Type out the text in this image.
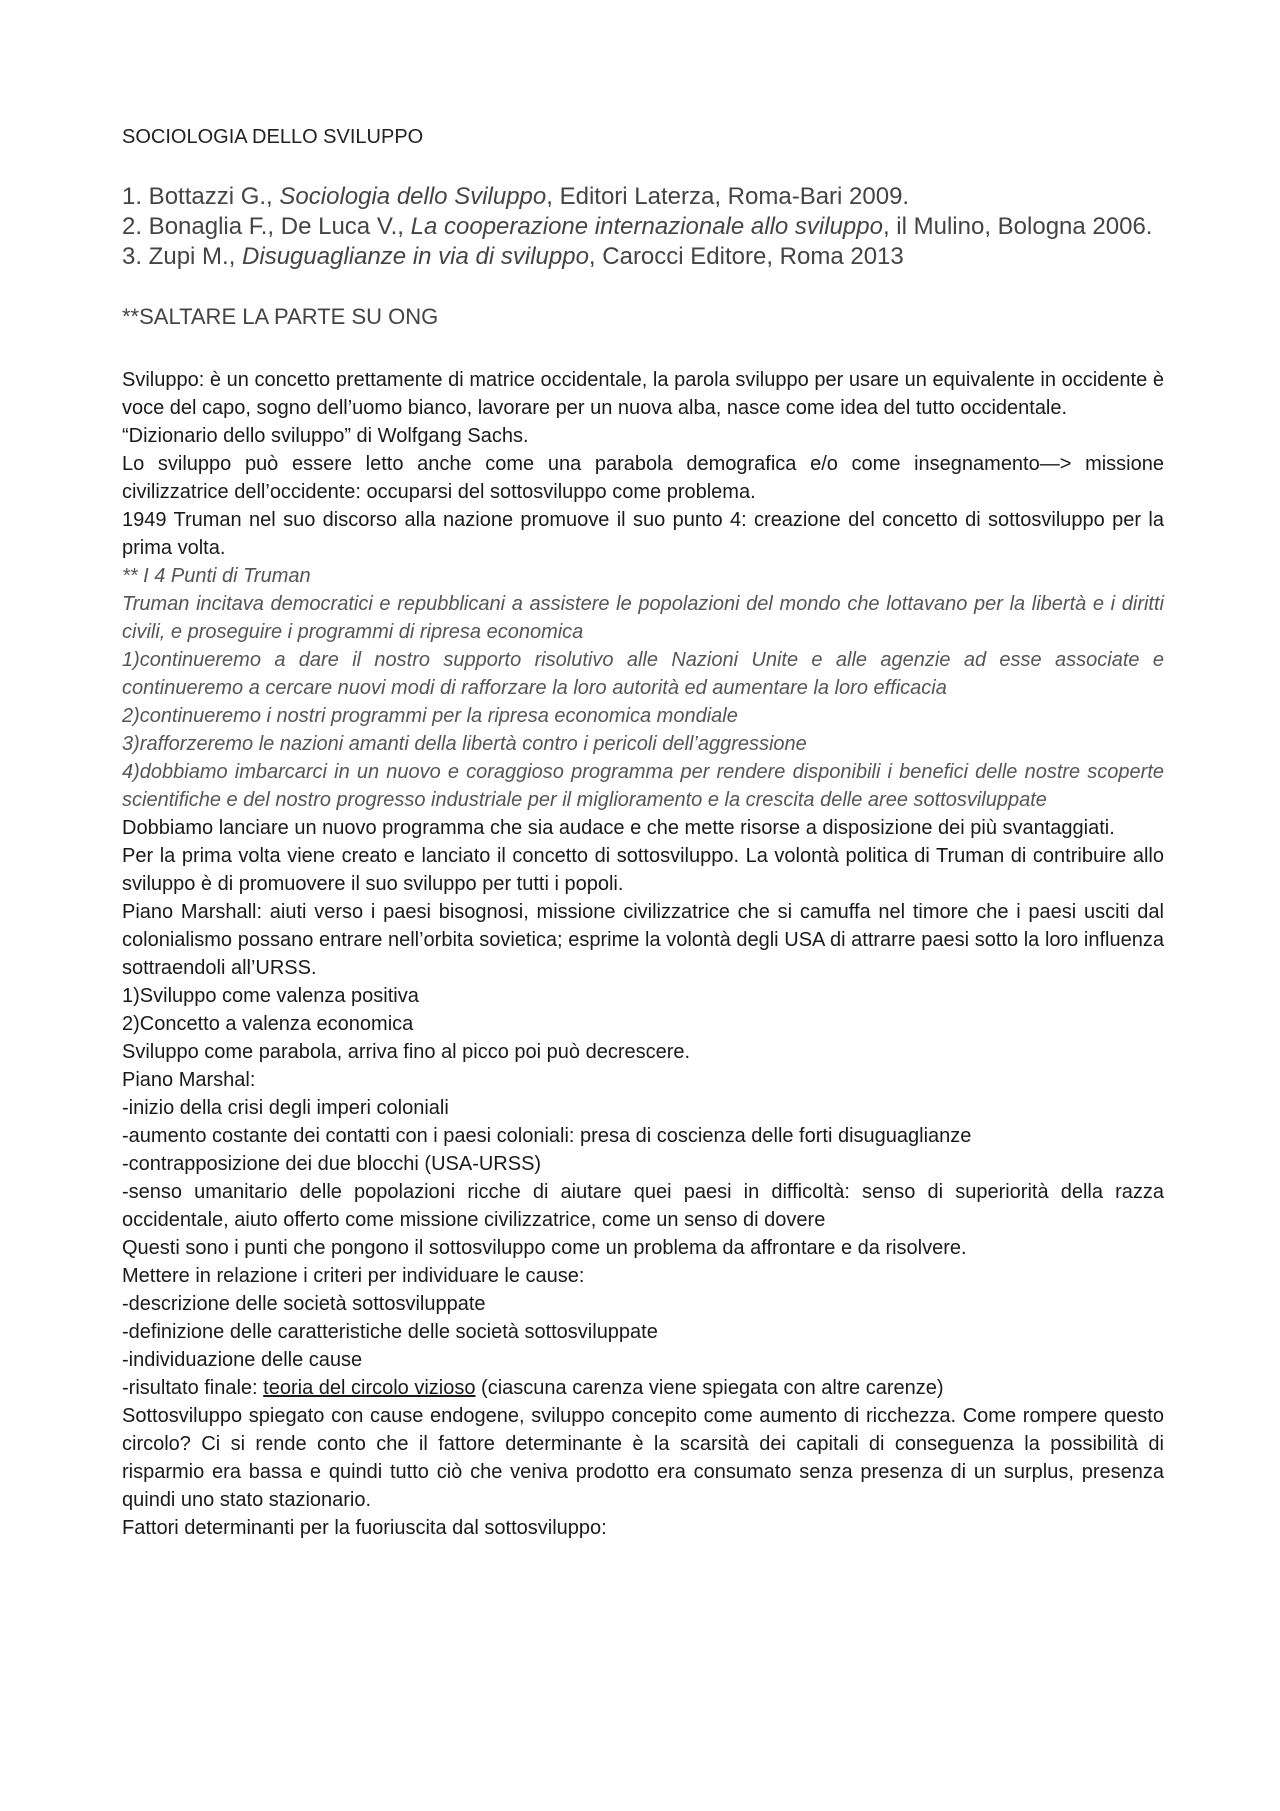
SOCIOLOGIA DELLO SVILUPPO
1. Bottazzi G., Sociologia dello Sviluppo, Editori Laterza, Roma-Bari 2009.
2. Bonaglia F., De Luca V., La cooperazione internazionale allo sviluppo, il Mulino, Bologna 2006.
3. Zupi M., Disuguaglianze in via di sviluppo, Carocci Editore, Roma 2013
**SALTARE LA PARTE SU ONG
Sviluppo: è un concetto prettamente di matrice occidentale, la parola sviluppo per usare un equivalente in occidente è voce del capo, sogno dell’uomo bianco, lavorare per un nuova alba, nasce come idea del tutto occidentale.
“Dizionario dello sviluppo” di Wolfgang Sachs.
Lo sviluppo può essere letto anche come una parabola demografica e/o come insegnamento—> missione civilizzatrice dell’occidente: occuparsi del sottosviluppo come problema.
1949 Truman nel suo discorso alla nazione promuove il suo punto 4: creazione del concetto di sottosviluppo per la prima volta.
** I 4 Punti di Truman
Truman incitava democratici e repubblicani a assistere le popolazioni del mondo che lottavano per la libertà e i diritti civili, e proseguire i programmi di ripresa economica
1)continueremo a dare il nostro supporto risolutivo alle Nazioni Unite e alle agenzie ad esse associate e continueremo a cercare nuovi modi di rafforzare la loro autorità ed aumentare la loro efficacia
2)continueremo i nostri programmi per la ripresa economica mondiale
3)rafforzeremo le nazioni amanti della libertà contro i pericoli dell’aggressione
4)dobbiamo imbarcarci in un nuovo e coraggioso programma per rendere disponibili i benefici delle nostre scoperte scientifiche e del nostro progresso industriale per il miglioramento e la crescita delle aree sottosviluppate
Dobbiamo lanciare un nuovo programma che sia audace e che mette risorse a disposizione dei più svantaggiati.
Per la prima volta viene creato e lanciato il concetto di sottosviluppo. La volontà politica di Truman di contribuire allo sviluppo è di promuovere il suo sviluppo per tutti i popoli.
Piano Marshall: aiuti verso i paesi bisognosi, missione civilizzatrice che si camuffa nel timore che i paesi usciti dal colonialismo possano entrare nell’orbita sovietica; esprime la volontà degli USA di attrarre paesi sotto la loro influenza sottraendoli all’URSS.
1)Sviluppo come valenza positiva
2)Concetto a valenza economica
Sviluppo come parabola, arriva fino al picco poi può decrescere.
Piano Marshal:
-inizio della crisi degli imperi coloniali
-aumento costante dei contatti con i paesi coloniali: presa di coscienza delle forti disuguaglianze
-contrapposizione dei due blocchi (USA-URSS)
-senso umanitario delle popolazioni ricche di aiutare quei paesi in difficoltà: senso di superiorità della razza occidentale, aiuto offerto come missione civilizzatrice, come un senso di dovere
Questi sono i punti che pongono il sottosviluppo come un problema da affrontare e da risolvere.
Mettere in relazione i criteri per individuare le cause:
-descrizione delle società sottosviluppate
-definizione delle caratteristiche delle società sottosviluppate
-individuazione delle cause
-risultato finale: teoria del circolo vizioso (ciascuna carenza viene spiegata con altre carenze)
Sottosviluppo spiegato con cause endogene, sviluppo concepito come aumento di ricchezza. Come rompere questo circolo? Ci si rende conto che il fattore determinante è la scarsità dei capitali di conseguenza la possibilità di risparmio era bassa e quindi tutto ciò che veniva prodotto era consumato senza presenza di un surplus, presenza quindi uno stato stazionario.
Fattori determinanti per la fuoriuscita dal sottosviluppo:
